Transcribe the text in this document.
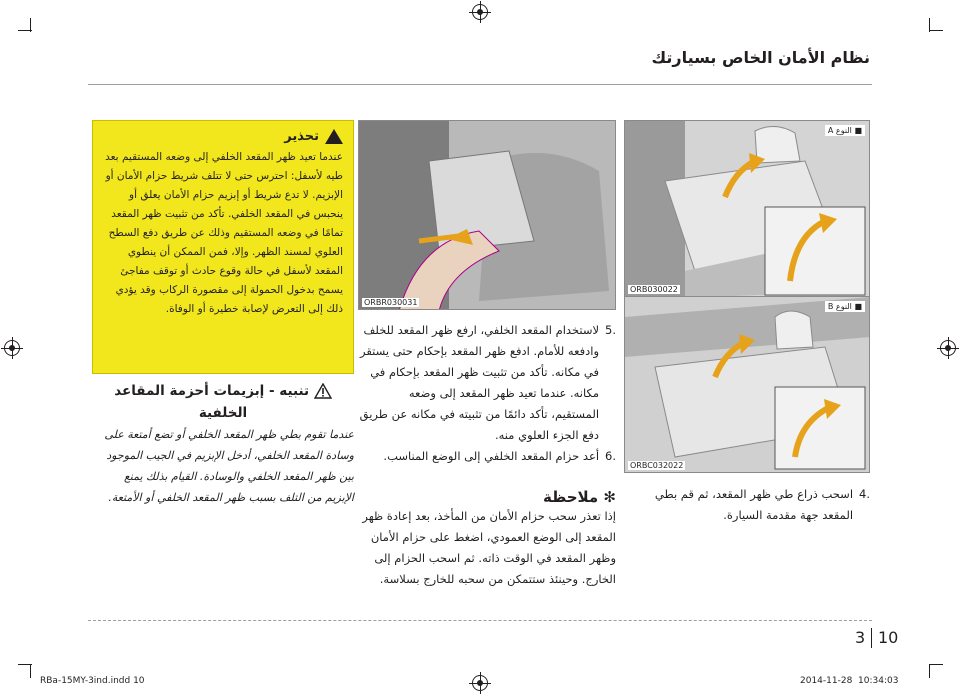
نظام الأمان الخاص بسيارتك
■ النوع A
ORB030022
■ النوع B
ORBC032022
ORBR030031
.5
لاستخدام المقعد الخلفي، ارفع ظهر المقعد للخلف وادفعه للأمام. ادفع ظهر المقعد بإحكام حتى يستقر في مكانه. تأكد من تثبيت ظهر المقعد بإحكام في مكانه. عندما تعيد ظهر المقعد إلى وضعه المستقيم، تأكد دائمًا من تثبيته في مكانه عن طريق دفع الجزء العلوي منه.
.6
أعد حزام المقعد الخلفي إلى الوضع المناسب.
✻ ملاحظة
إذا تعذر سحب حزام الأمان من المأخذ، بعد إعادة ظهر المقعد إلى الوضع العمودي، اضغط على حزام الأمان وظهر المقعد في الوقت ذاته. ثم اسحب الحزام إلى الخارج. وحينئذ ستتمكن من سحبه للخارج بسلاسة.
.4
اسحب ذراع طي ظهر المقعد، ثم قم بطي المقعد جهة مقدمة السيارة.
تحذير
عندما تعيد ظهر المقعد الخلفي إلى وضعه المستقيم بعد طيه لأسفل: احترس حتى لا تتلف شريط حزام الأمان أو الإبزيم. لا تدع شريط أو إبزيم حزام الأمان يعلق أو ينحبس في المقعد الخلفي. تأكد من تثبيت ظهر المقعد تمامًا في وضعه المستقيم وذلك عن طريق دفع السطح العلوي لمسند الظهر. وإلا، فمن الممكن أن ينطوي المقعد لأسفل في حالة وقوع حادث أو توقف مفاجئ يسمح بدخول الحمولة إلى مقصورة الركاب وقد يؤدي ذلك إلى التعرض لإصابة خطيرة أو الوفاة.
تنبيه - إبزيمات أحزمة المقاعد الخلفية
عندما تقوم بطي ظهر المقعد الخلفي أو تضع أمتعة على وسادة المقعد الخلفي، أدخل الإبزيم في الجيب الموجود بين ظهر المقعد الخلفي والوسادة. القيام بذلك يمنع الإبزيم من التلف بسبب ظهر المقعد الخلفي أو الأمتعة.
3 10
RBa-15MY-3ind.indd 10	2014-11-28 ￼ 10:34:03
